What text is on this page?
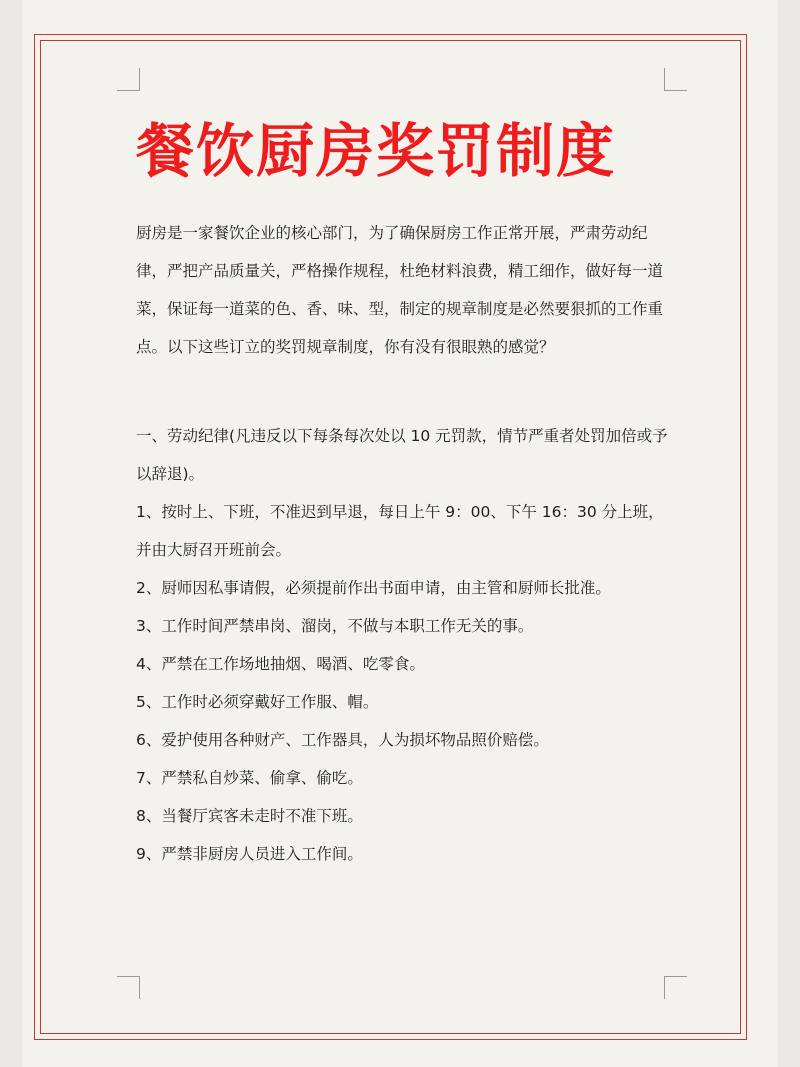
餐饮厨房奖罚制度

厨房是一家餐饮企业的核心部门，为了确保厨房工作正常开展，严肃劳动纪律，严把产品质量关，严格操作规程，杜绝材料浪费，精工细作，做好每一道菜，保证每一道菜的色、香、味、型，制定的规章制度是必然要狠抓的工作重点。以下这些订立的奖罚规章制度，你有没有很眼熟的感觉？

一、劳动纪律(凡违反以下每条每次处以 10 元罚款，情节严重者处罚加倍或予以辞退)。

1、按时上、下班，不准迟到早退，每日上午 9：00、下午 16：30 分上班，并由大厨召开班前会。

2、厨师因私事请假，必须提前作出书面申请，由主管和厨师长批准。

3、工作时间严禁串岗、溜岗，不做与本职工作无关的事。

4、严禁在工作场地抽烟、喝酒、吃零食。

5、工作时必须穿戴好工作服、帽。

6、爱护使用各种财产、工作器具，人为损坏物品照价赔偿。

7、严禁私自炒菜、偷拿、偷吃。

8、当餐厅宾客未走时不准下班。

9、严禁非厨房人员进入工作间。
